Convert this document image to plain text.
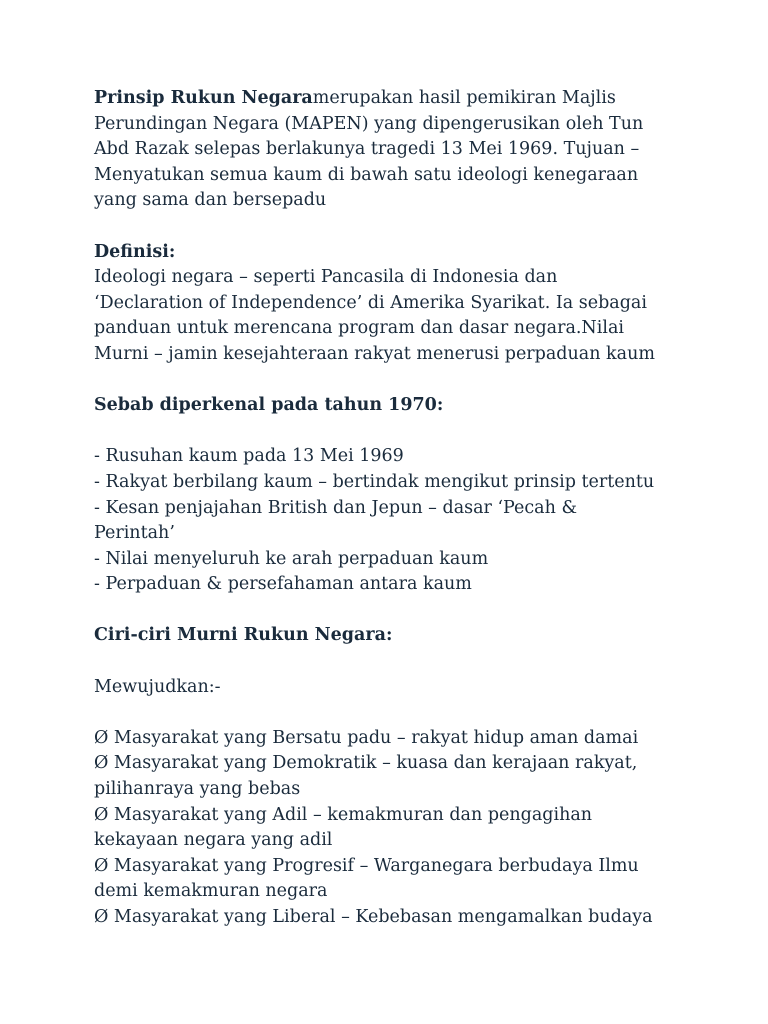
Prinsip Rukun Negaramerupakan hasil pemikiran Majlis
Perundingan Negara (MAPEN) yang dipengerusikan oleh Tun
Abd Razak selepas berlakunya tragedi 13 Mei 1969. Tujuan –
Menyatukan semua kaum di bawah satu ideologi kenegaraan
yang sama dan bersepadu
Definisi:
Ideologi negara – seperti Pancasila di Indonesia dan
‘Declaration of Independence’ di Amerika Syarikat. Ia sebagai
panduan untuk merencana program dan dasar negara.Nilai
Murni – jamin kesejahteraan rakyat menerusi perpaduan kaum
Sebab diperkenal pada tahun 1970:
- Rusuhan kaum pada 13 Mei 1969
- Rakyat berbilang kaum – bertindak mengikut prinsip tertentu
- Kesan penjajahan British dan Jepun – dasar ‘Pecah &
Perintah’
- Nilai menyeluruh ke arah perpaduan kaum
- Perpaduan & persefahaman antara kaum
Ciri-ciri Murni Rukun Negara:
Mewujudkan:-
Ø Masyarakat yang Bersatu padu – rakyat hidup aman damai
Ø Masyarakat yang Demokratik – kuasa dan kerajaan rakyat,
pilihanraya yang bebas
Ø Masyarakat yang Adil – kemakmuran dan pengagihan
kekayaan negara yang adil
Ø Masyarakat yang Progresif – Warganegara berbudaya Ilmu
demi kemakmuran negara
Ø Masyarakat yang Liberal – Kebebasan mengamalkan budaya
